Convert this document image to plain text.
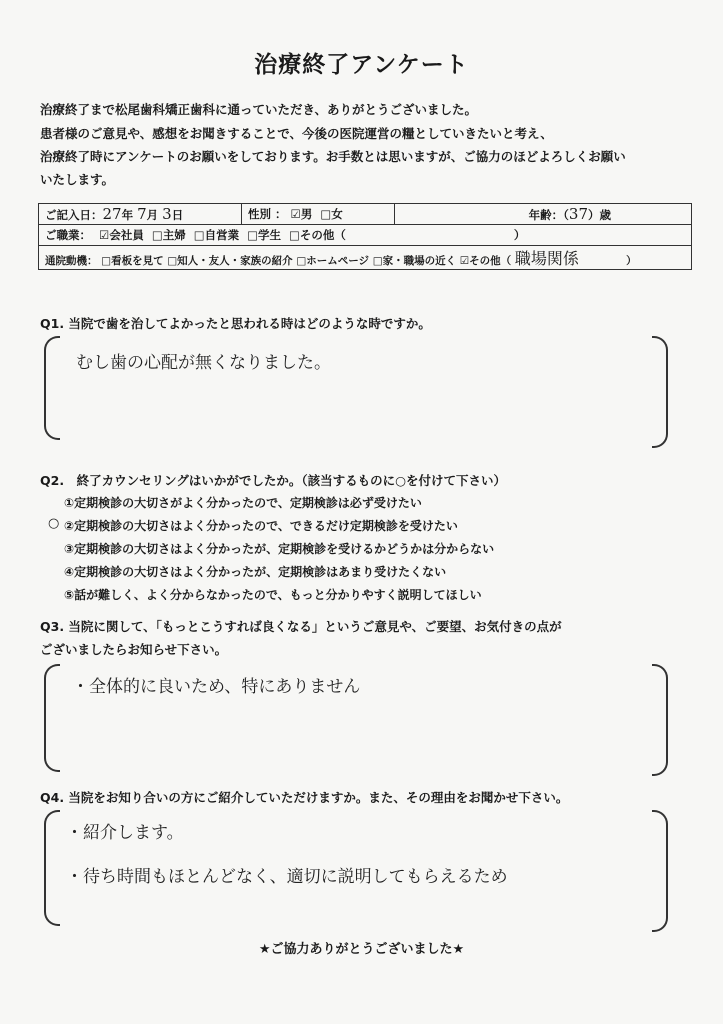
治療終了アンケート
治療終了まで松尾歯科矯正歯科に通っていただき、ありがとうございました。
患者様のご意見や、感想をお聞きすることで、今後の医院運営の糧としていきたいと考え、
治療終了時にアンケートのお願いをしております。お手数とは思いますが、ご協力のほどよろしくお願い
いたします。
ご記入日：27年 7月 3日	性別 ： ☑男 □女	年齢：（37）歳
ご職業： ☑会社員 □主婦 □自営業 □学生 □その他（	）
通院動機： □看板を見て □知人・友人・家族の紹介 □ホームページ □家・職場の近く ☑その他（ 職場関係	）
Q1. 当院で歯を治してよかったと思われる時はどのような時ですか。
むし歯の心配が無くなりました。
Q2.　終了カウンセリングはいかがでしたか。（該当するものに○を付けて下さい）
①定期検診の大切さがよく分かったので、定期検診は必ず受けたい
○ ②定期検診の大切さはよく分かったので、できるだけ定期検診を受けたい
③定期検診の大切さはよく分かったが、定期検診を受けるかどうかは分からない
④定期検診の大切さはよく分かったが、定期検診はあまり受けたくない
⑤話が難しく、よく分からなかったので、もっと分かりやすく説明してほしい
Q3. 当院に関して、「もっとこうすれば良くなる」というご意見や、ご要望、お気付きの点が
ございましたらお知らせ下さい。
・全体的に良いため、特にありません
Q4. 当院をお知り合いの方にご紹介していただけますか。また、その理由をお聞かせ下さい。
・紹介します。
・待ち時間もほとんどなく、適切に説明してもらえるため
★ご協力ありがとうございました★
